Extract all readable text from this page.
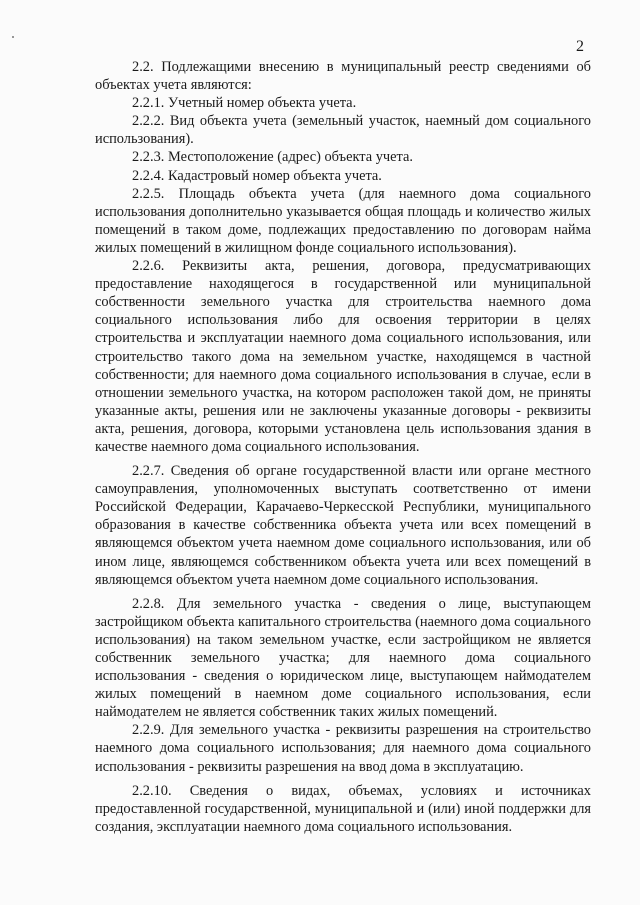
2

2.2. Подлежащими внесению в муниципальный реестр сведениями об объектах учета являются:

2.2.1. Учетный номер объекта учета.

2.2.2. Вид объекта учета (земельный участок, наемный дом социального использования).

2.2.3. Местоположение (адрес) объекта учета.

2.2.4. Кадастровый номер объекта учета.

2.2.5. Площадь объекта учета (для наемного дома социального использования дополнительно указывается общая площадь и количество жилых помещений в таком доме, подлежащих предоставлению по договорам найма жилых помещений в жилищном фонде социального использования).

2.2.6. Реквизиты акта, решения, договора, предусматривающих предоставление находящегося в государственной или муниципальной собственности земельного участка для строительства наемного дома социального использования либо для освоения территории в целях строительства и эксплуатации наемного дома социального использования, или строительство такого дома на земельном участке, находящемся в частной собственности; для наемного дома социального использования в случае, если в отношении земельного участка, на котором расположен такой дом, не приняты указанные акты, решения или не заключены указанные договоры - реквизиты акта, решения, договора, которыми установлена цель использования здания в качестве наемного дома социального использования.

2.2.7. Сведения об органе государственной власти или органе местного самоуправления, уполномоченных выступать соответственно от имени Российской Федерации, Карачаево-Черкесской Республики, муниципального образования в качестве собственника объекта учета или всех помещений в являющемся объектом учета наемном доме социального использования, или об ином лице, являющемся собственником объекта учета или всех помещений в являющемся объектом учета наемном доме социального использования.

2.2.8. Для земельного участка - сведения о лице, выступающем застройщиком объекта капитального строительства (наемного дома социального использования) на таком земельном участке, если застройщиком не является собственник земельного участка; для наемного дома социального использования - сведения о юридическом лице, выступающем наймодателем жилых помещений в наемном доме социального использования, если наймодателем не является собственник таких жилых помещений.

2.2.9. Для земельного участка - реквизиты разрешения на строительство наемного дома социального использования; для наемного дома социального использования - реквизиты разрешения на ввод дома в эксплуатацию.

2.2.10. Сведения о видах, объемах, условиях и источниках предоставленной государственной, муниципальной и (или) иной поддержки для создания, эксплуатации наемного дома социального использования.
